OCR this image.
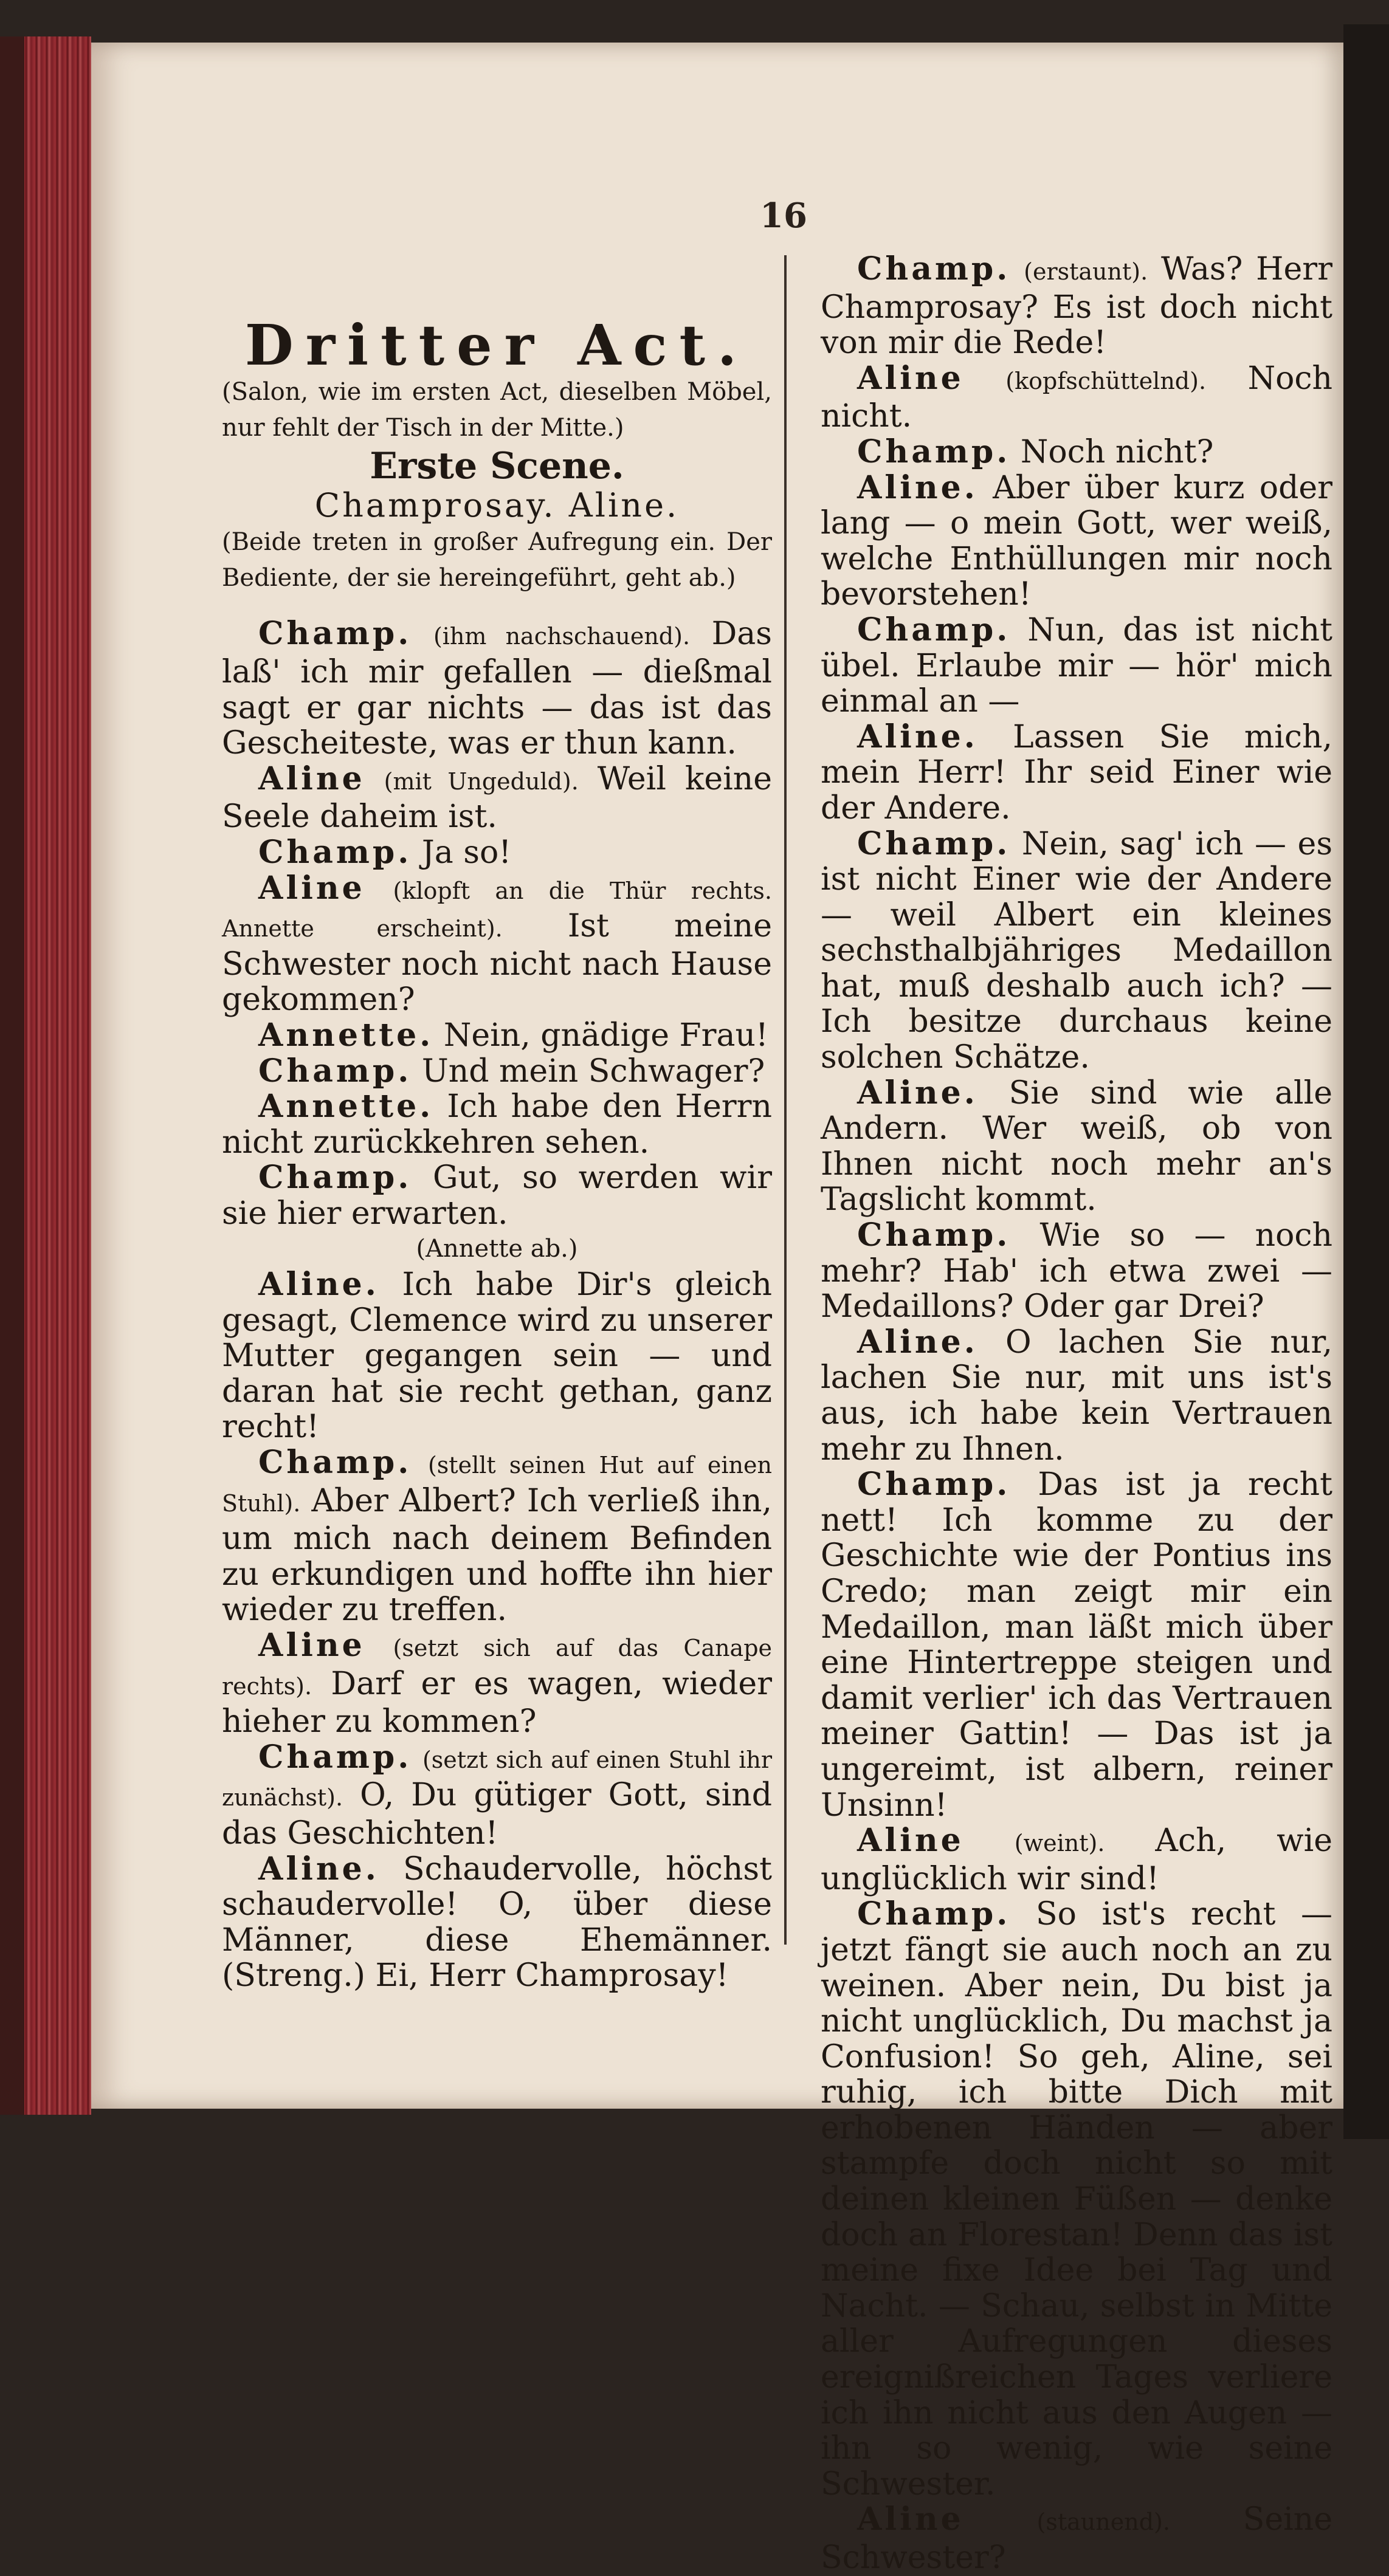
16

Dritter Act.

(Salon, wie im ersten Act, dieselben Möbel, nur fehlt der Tisch in der Mitte.)

Erste Scene.

Champrosay. Aline.

(Beide treten in großer Aufregung ein. Der Bediente, der sie hereingeführt, geht ab.)

Champ. (ihm nachschauend). Das laß' ich mir gefallen — dießmal sagt er gar nichts — das ist das Gescheiteste, was er thun kann.

Aline (mit Ungeduld). Weil keine Seele daheim ist.

Champ. Ja so!

Aline (klopft an die Thür rechts. Annette erscheint). Ist meine Schwester noch nicht nach Hause gekommen?

Annette. Nein, gnädige Frau!

Champ. Und mein Schwager?

Annette. Ich habe den Herrn nicht zurückkehren sehen.

Champ. Gut, so werden wir sie hier erwarten.

(Annette ab.)

Aline. Ich habe Dir's gleich gesagt, Clemence wird zu unserer Mutter gegangen sein — und daran hat sie recht gethan, ganz recht!

Champ. (stellt seinen Hut auf einen Stuhl). Aber Albert? Ich verließ ihn, um mich nach deinem Befinden zu erkundigen und hoffte ihn hier wieder zu treffen.

Aline (setzt sich auf das Canape rechts). Darf er es wagen, wieder hieher zu kommen?

Champ. (setzt sich auf einen Stuhl ihr zunächst). O, Du gütiger Gott, sind das Geschichten!

Aline. Schaudervolle, höchst schaudervolle! O, über diese Männer, diese Ehemänner. (Streng.) Ei, Herr Champrosay!

Champ. (erstaunt). Was? Herr Champrosay? Es ist doch nicht von mir die Rede!

Aline (kopfschüttelnd). Noch nicht.

Champ. Noch nicht?

Aline. Aber über kurz oder lang — o mein Gott, wer weiß, welche Enthüllungen mir noch bevorstehen!

Champ. Nun, das ist nicht übel. Erlaube mir — hör' mich einmal an —

Aline. Lassen Sie mich, mein Herr! Ihr seid Einer wie der Andere.

Champ. Nein, sag' ich — es ist nicht Einer wie der Andere — weil Albert ein kleines sechsthalbjähriges Medaillon hat, muß deshalb auch ich? — Ich besitze durchaus keine solchen Schätze.

Aline. Sie sind wie alle Andern. Wer weiß, ob von Ihnen nicht noch mehr an's Tagslicht kommt.

Champ. Wie so — noch mehr? Hab' ich etwa zwei — Medaillons? Oder gar Drei?

Aline. O lachen Sie nur, lachen Sie nur, mit uns ist's aus, ich habe kein Vertrauen mehr zu Ihnen.

Champ. Das ist ja recht nett! Ich komme zu der Geschichte wie der Pontius ins Credo; man zeigt mir ein Medaillon, man läßt mich über eine Hintertreppe steigen und damit verlier' ich das Vertrauen meiner Gattin! — Das ist ja ungereimt, ist albern, reiner Unsinn!

Aline (weint). Ach, wie unglücklich wir sind!

Champ. So ist's recht — jetzt fängt sie auch noch an zu weinen. Aber nein, Du bist ja nicht unglücklich, Du machst ja Confusion! So geh, Aline, sei ruhig, ich bitte Dich mit erhobenen Händen — aber stampfe doch nicht so mit deinen kleinen Füßen — denke doch an Florestan! Denn das ist meine fixe Idee bei Tag und Nacht. — Schau, selbst in Mitte aller Aufregungen dieses ereignißreichen Tages verliere ich ihn nicht aus den Augen — ihn so wenig, wie seine Schwester.

Aline	(staunend). Seine Schwester?
